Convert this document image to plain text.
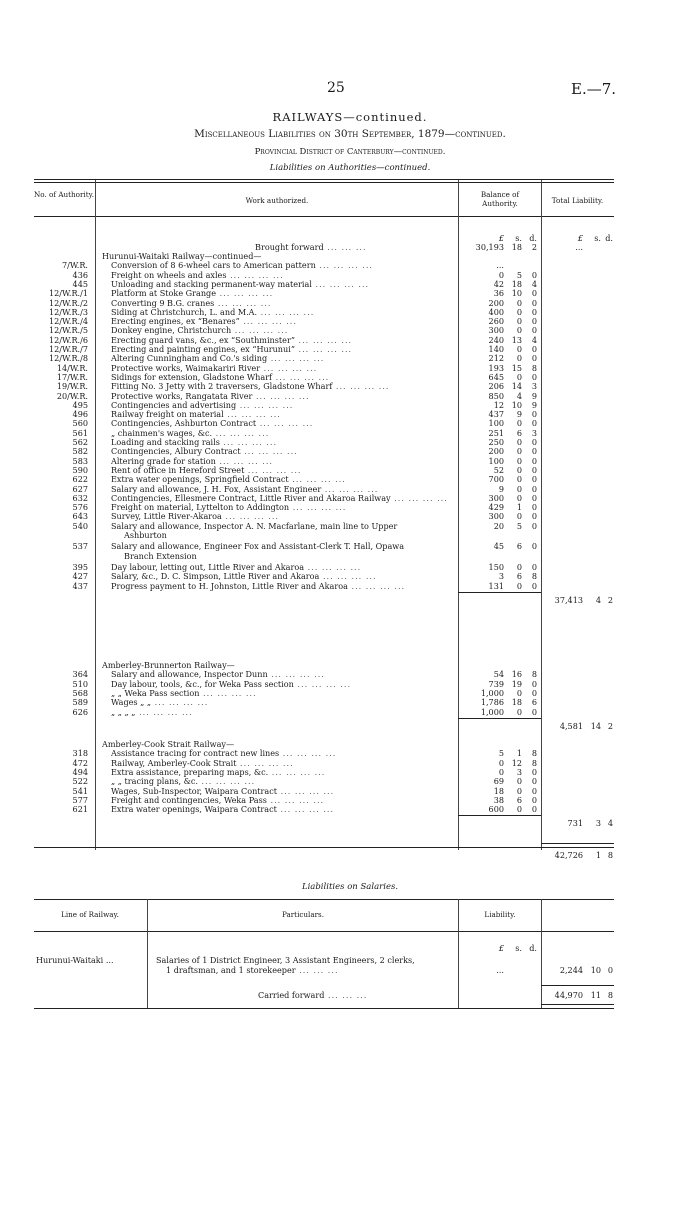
25	E.—7.
RAILWAYS—continued.
Miscellaneous Liabilities on 30th September, 1879—continued.
Provincial District of Canterbury—continued.
Liabilities on Authorities—continued.
No. of Authority.
Work authorized.
Balance of Authority.	Total Liability.
£	s. d.	£	s. d.
Brought forward ... ... ...	30,193 18	2	...
Hurunui-Waitaki Railway—continued—
7/W.R.	Conversion of 8 6-wheel cars to American pattern ... ... ... ...	...
436	Freight on wheels and axles ... ... ... ...	0	5	0
445	Unloading and stacking permanent-way material ... ... ... ...	42 18	4
12/W.R./1	Platform at Stoke Grange ... ... ... ...	36 10	0
12/W.R./2	Converting 9 B.G. cranes ... ... ... ...	200	0	0
12/W.R./3	Siding at Christchurch, L. and M.A. ... ... ... ...	400	0	0
12/W.R./4	Erecting engines, ex “Benares” ... ... ... ...	260	0	0
12/W.R./5	Donkey engine, Christchurch ... ... ... ...	300	0	0
12/W.R./6	Erecting guard vans, &c., ex “Southminster” ... ... ... ...	240 13	4
12/W.R./7	Erecting and painting engines, ex “Hurunui” ... ... ... ...	140	0	0
12/W.R./8	Altering Cunningham and Co.'s siding ... ... ... ...	212	0	0
14/W.R.	Protective works, Waimakariri River ... ... ... ...	193 15	8
17/W.R.	Sidings for extension, Gladstone Wharf ... ... ... ...	645	0	0
19/W.R.	Fitting No. 3 Jetty with 2 traversers, Gladstone Wharf ... ... ... ...	206 14	3
20/W.R.	Protective works, Rangatata River ... ... ... ...	850	4	9
495	Contingencies and advertising ... ... ... ...	12 10	9
496	Railway freight on material ... ... ... ...	437	9	0
560	Contingencies, Ashburton Contract ... ... ... ...	100	0	0
561	„ chainmen's wages, &c. ... ... ... ...	251	6	3
562	Loading and stacking rails ... ... ... ...	250	0	0
582	Contingencies, Albury Contract ... ... ... ...	200	0	0
583	Altering grade for station ... ... ... ...	100	0	0
590	Rent of office in Hereford Street ... ... ... ...	52	0	0
622	Extra water openings, Springfield Contract ... ... ... ...	700	0	0
627	Salary and allowance, J. H. Fox, Assistant Engineer ... ... ... ...	9	0	0
632	Contingencies, Ellesmere Contract, Little River and Akaroa Railway ... ... ... ...	300	0	0
576	Freight on material, Lyttelton to Addington ... ... ... ...	429	1	0
643	Survey, Little River-Akaroa ... ... ... ...	300	0	0
540	Salary and allowance, Inspector A. N. Macfarlane, main line to Upper	20	5	0
Ashburton
537	Salary and allowance, Engineer Fox and Assistant-Clerk T. Hall, Opawa	45	6	0
Branch Extension
395	Day labour, letting out, Little River and Akaroa ... ... ... ...	150	0	0
427	Salary, &c., D. C. Simpson, Little River and Akaroa ... ... ... ...	3	6	8
437	Progress payment to H. Johnston, Little River and Akaroa ... ... ... ...	131	0	0
37,413	4 2
Amberley-Brunnerton Railway—
364	Salary and allowance, Inspector Dunn ... ... ... ...	54 16	8
510	Day labour, tools, &c., for Weka Pass section ... ... ... ...	739 19	0
568	„ „ Weka Pass section ... ... ... ...	1,000	0	0
589	Wages „ „ ... ... ... ...	1,786 18	6
626	„ „ „ „ ... ... ... ...	1,000	0	0
4,581 14 2
Amberley-Cook Strait Railway—
318	Assistance tracing for contract new lines ... ... ... ...	5	1	8
472	Railway, Amberley-Cook Strait ... ... ... ...	0 12	8
494	Extra assistance, preparing maps, &c. ... ... ... ...	0	3	0
522	„ „ tracing plans, &c. ... ... ... ...	69	0	0
541	Wages, Sub-Inspector, Waipara Contract ... ... ... ...	18	0	0
577	Freight and contingencies, Weka Pass ... ... ... ...	38	6	0
621	Extra water openings, Waipara Contract ... ... ... ...	600	0	0
731	3 4
42,726	1 8
Liabilities on Salaries.
Line of Railway.	Particulars.	Liability.
£	s. d.
Hurunui-Waitaki ...	Salaries of 1 District Engineer, 3 Assistant Engineers, 2 clerks,
1 draftsman, and 1 storekeeper ... ... ...	...	2,244 10 0
Carried forward ... ... ...	44,970 11 8
